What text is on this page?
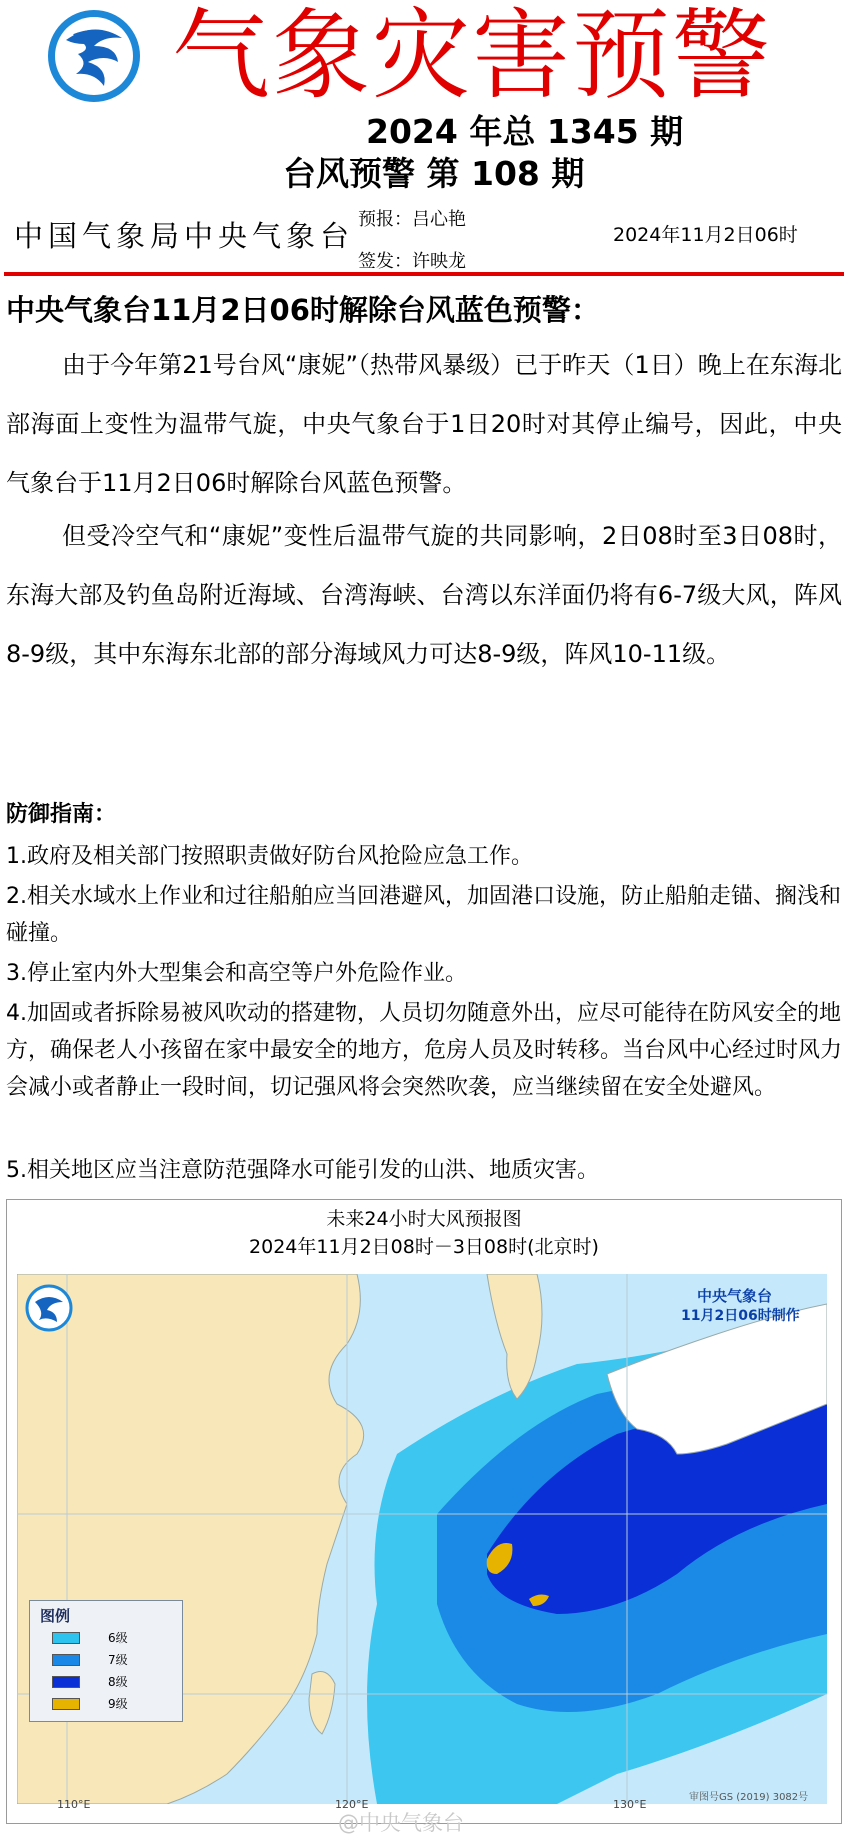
气象灾害预警
2024 年总 1345 期
台风预警 第 108 期
中国气象局中央气象台 预报：吕心艳
签发：许映龙
2024年11月2日06时
中央气象台11月2日06时解除台风蓝色预警：

由于今年第21号台风“康妮”（热带风暴级）已于昨天（1日）晚上在东海北部海面上变性为温带气旋，中央气象台于1日20时对其停止编号，因此，中央气象台于11月2日06时解除台风蓝色预警。

但受冷空气和“康妮”变性后温带气旋的共同影响，2日08时至3日08时，东海大部及钓鱼岛附近海域、台湾海峡、台湾以东洋面仍将有6-7级大风，阵风8-9级，其中东海东北部的部分海域风力可达8-9级，阵风10-11级。

防御指南：

1.政府及相关部门按照职责做好防台风抢险应急工作。

2.相关水域水上作业和过往船舶应当回港避风，加固港口设施，防止船舶走锚、搁浅和碰撞。

3.停止室内外大型集会和高空等户外危险作业。

4.加固或者拆除易被风吹动的搭建物，人员切勿随意外出，应尽可能待在防风安全的地方，确保老人小孩留在家中最安全的地方，危房人员及时转移。当台风中心经过时风力会减小或者静止一段时间，切记强风将会突然吹袭，应当继续留在安全处避风。

5.相关地区应当注意防范强降水可能引发的山洪、地质灾害。

未来24小时大风预报图
2024年11月2日08时－3日08时(北京时)
中央气象台
11月2日06时制作
图例
6级
7级
8级
9级
审图号GS (2019) 3082号
110°E	120°E	130°E
@中央气象台
